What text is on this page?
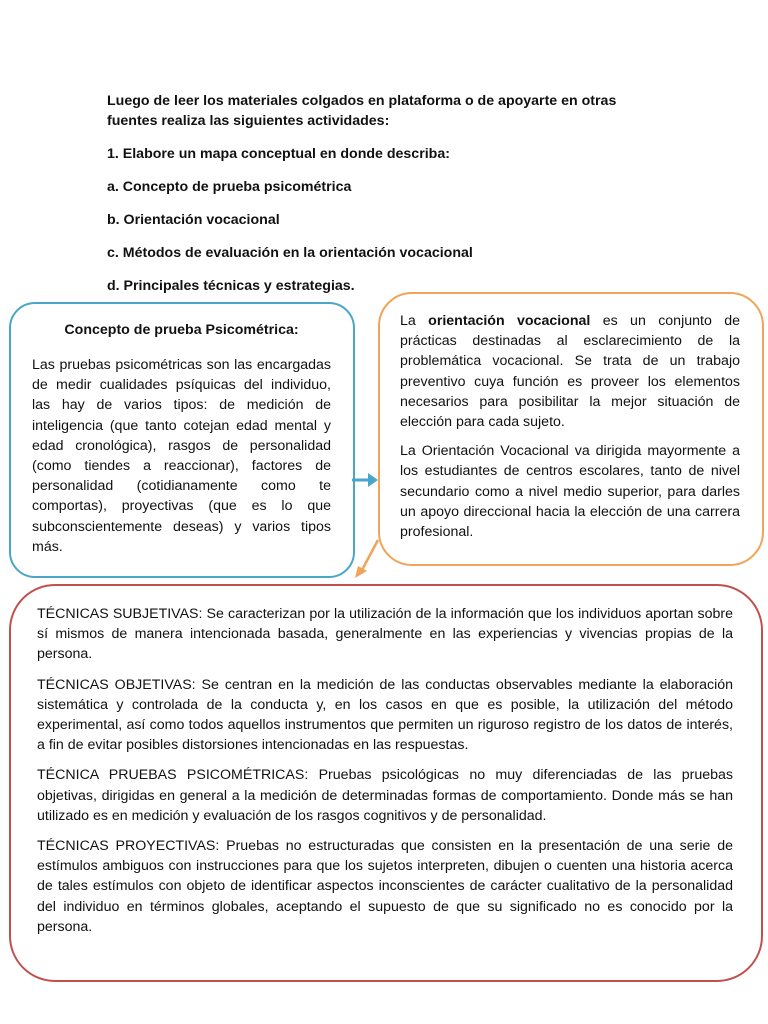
Luego de leer los materiales colgados en plataforma o de apoyarte en otras fuentes realiza las siguientes actividades:

1. Elabore un mapa conceptual en donde describa:

a. Concepto de prueba psicométrica

b. Orientación vocacional

c. Métodos de evaluación en la orientación vocacional

d. Principales técnicas y estrategias.

Concepto de prueba Psicométrica:

Las pruebas psicométricas son las encargadas de medir cualidades psíquicas del individuo, las hay de varios tipos: de medición de inteligencia (que tanto cotejan edad mental y edad cronológica), rasgos de personalidad (como tiendes a reaccionar), factores de personalidad (cotidianamente como te comportas), proyectivas (que es lo que subconscientemente deseas) y varios tipos más.

La orientación vocacional es un conjunto de prácticas destinadas al esclarecimiento de la problemática vocacional. Se trata de un trabajo preventivo cuya función es proveer los elementos necesarios para posibilitar la mejor situación de elección para cada sujeto.

La Orientación Vocacional va dirigida mayormente a los estudiantes de centros escolares, tanto de nivel secundario como a nivel medio superior, para darles un apoyo direccional hacia la elección de una carrera profesional.

TÉCNICAS SUBJETIVAS: Se caracterizan por la utilización de la información que los individuos aportan sobre sí mismos de manera intencionada basada, generalmente en las experiencias y vivencias propias de la persona.

TÉCNICAS OBJETIVAS: Se centran en la medición de las conductas observables mediante la elaboración sistemática y controlada de la conducta y, en los casos en que es posible, la utilización del método experimental, así como todos aquellos instrumentos que permiten un riguroso registro de los datos de interés, a fin de evitar posibles distorsiones intencionadas en las respuestas.

TÉCNICA PRUEBAS PSICOMÉTRICAS: Pruebas psicológicas no muy diferenciadas de las pruebas objetivas, dirigidas en general a la medición de determinadas formas de comportamiento. Donde más se han utilizado es en medición y evaluación de los rasgos cognitivos y de personalidad.

TÉCNICAS PROYECTIVAS: Pruebas no estructuradas que consisten en la presentación de una serie de estímulos ambiguos con instrucciones para que los sujetos interpreten, dibujen o cuenten una historia acerca de tales estímulos con objeto de identificar aspectos inconscientes de carácter cualitativo de la personalidad del individuo en términos globales, aceptando el supuesto de que su significado no es conocido por la persona.
